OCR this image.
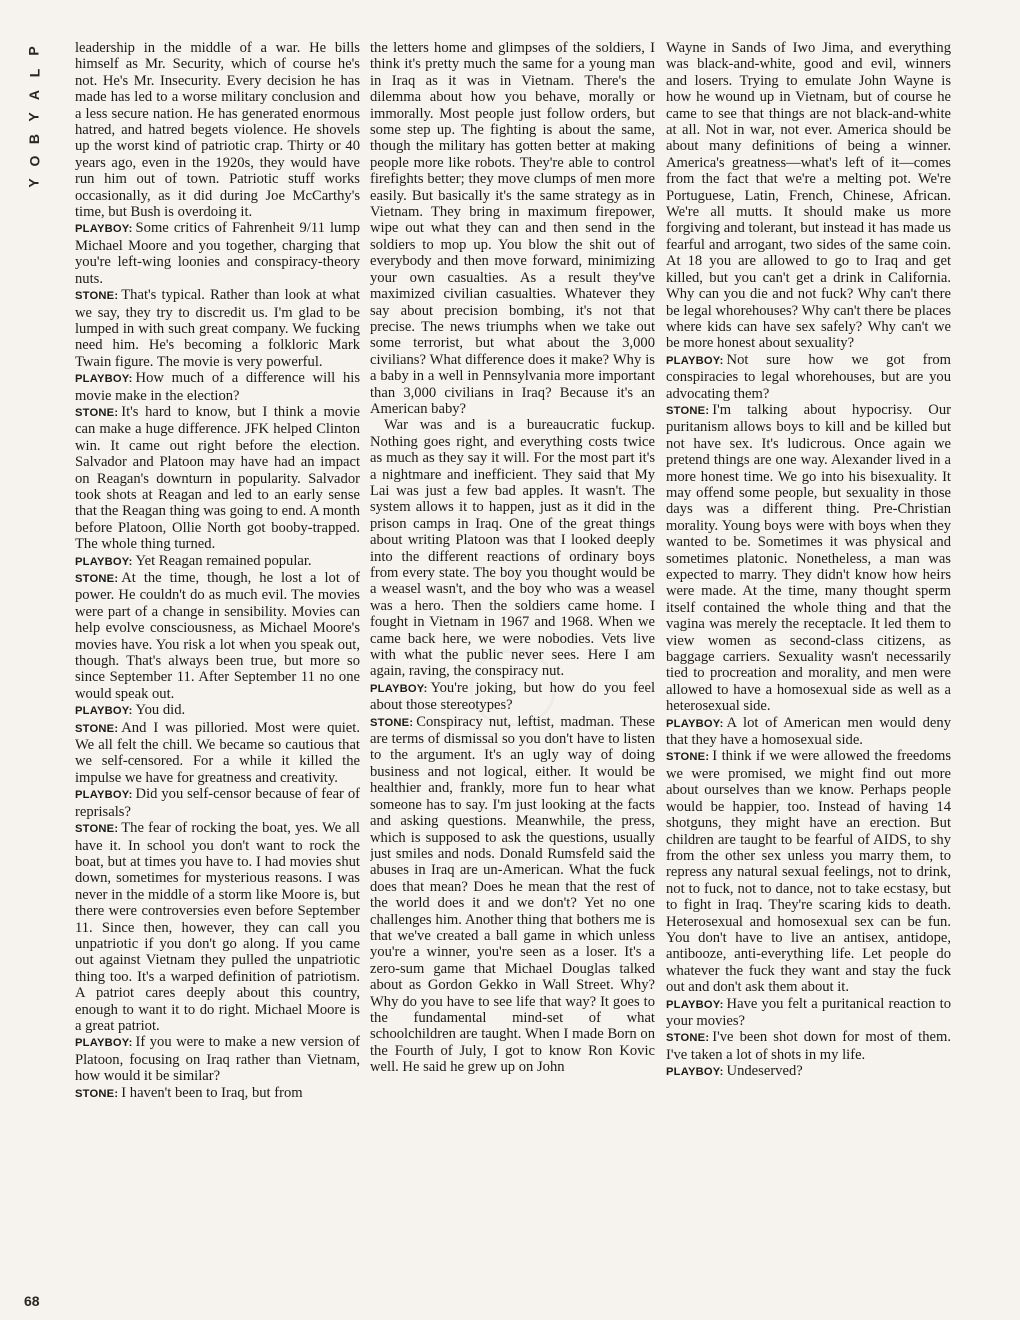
P
L
A
Y
B
O
Y

leadership in the middle of a war. He bills himself as Mr. Security, which of course he's not. He's Mr. Insecurity. Every decision he has made has led to a worse military conclusion and a less secure nation. He has generated enormous hatred, and hatred begets violence. He shovels up the worst kind of patriotic crap. Thirty or 40 years ago, even in the 1920s, they would have run him out of town. Patriotic stuff works occasionally, as it did during Joe McCarthy's time, but Bush is overdoing it.

PLAYBOY: Some critics of Fahrenheit 9/11 lump Michael Moore and you together, charging that you're left-wing loonies and conspiracy-theory nuts.

STONE: That's typical. Rather than look at what we say, they try to discredit us. I'm glad to be lumped in with such great company. We fucking need him. He's becoming a folkloric Mark Twain figure. The movie is very powerful.

PLAYBOY: How much of a difference will his movie make in the election?

STONE: It's hard to know, but I think a movie can make a huge difference. JFK helped Clinton win. It came out right before the election. Salvador and Platoon may have had an impact on Reagan's downturn in popularity. Salvador took shots at Reagan and led to an early sense that the Reagan thing was going to end. A month before Platoon, Ollie North got booby-trapped. The whole thing turned.

PLAYBOY: Yet Reagan remained popular.

STONE: At the time, though, he lost a lot of power. He couldn't do as much evil. The movies were part of a change in sensibility. Movies can help evolve consciousness, as Michael Moore's movies have. You risk a lot when you speak out, though. That's always been true, but more so since September 11. After September 11 no one would speak out.

PLAYBOY: You did.

STONE: And I was pilloried. Most were quiet. We all felt the chill. We became so cautious that we self-censored. For a while it killed the impulse we have for greatness and creativity.

PLAYBOY: Did you self-censor because of fear of reprisals?

STONE: The fear of rocking the boat, yes. We all have it. In school you don't want to rock the boat, but at times you have to. I had movies shut down, sometimes for mysterious reasons. I was never in the middle of a storm like Moore is, but there were controversies even before September 11. Since then, however, they can call you unpatriotic if you don't go along. If you came out against Vietnam they pulled the unpatriotic thing too. It's a warped definition of patriotism. A patriot cares deeply about this country, enough to want it to do right. Michael Moore is a great patriot.

PLAYBOY: If you were to make a new version of Platoon, focusing on Iraq rather than Vietnam, how would it be similar?

STONE: I haven't been to Iraq, but from

the letters home and glimpses of the soldiers, I think it's pretty much the same for a young man in Iraq as it was in Vietnam. There's the dilemma about how you behave, morally or immorally. Most people just follow orders, but some step up. The fighting is about the same, though the military has gotten better at making people more like robots. They're able to control firefights better; they move clumps of men more easily. But basically it's the same strategy as in Vietnam. They bring in maximum firepower, wipe out what they can and then send in the soldiers to mop up. You blow the shit out of everybody and then move forward, minimizing your own casualties. As a result they've maximized civilian casualties. Whatever they say about precision bombing, it's not that precise. The news triumphs when we take out some terrorist, but what about the 3,000 civilians? What difference does it make? Why is a baby in a well in Pennsylvania more important than 3,000 civilians in Iraq? Because it's an American baby?

War was and is a bureaucratic fuckup. Nothing goes right, and everything costs twice as much as they say it will. For the most part it's a nightmare and inefficient. They said that My Lai was just a few bad apples. It wasn't. The system allows it to happen, just as it did in the prison camps in Iraq. One of the great things about writing Platoon was that I looked deeply into the different reactions of ordinary boys from every state. The boy you thought would be a weasel wasn't, and the boy who was a weasel was a hero. Then the soldiers came home. I fought in Vietnam in 1967 and 1968. When we came back here, we were nobodies. Vets live with what the public never sees. Here I am again, raving, the conspiracy nut.

PLAYBOY: You're joking, but how do you feel about those stereotypes?

STONE: Conspiracy nut, leftist, madman. These are terms of dismissal so you don't have to listen to the argument. It's an ugly way of doing business and not logical, either. It would be healthier and, frankly, more fun to hear what someone has to say. I'm just looking at the facts and asking questions. Meanwhile, the press, which is supposed to ask the questions, usually just smiles and nods. Donald Rumsfeld said the abuses in Iraq are un-American. What the fuck does that mean? Does he mean that the rest of the world does it and we don't? Yet no one challenges him. Another thing that bothers me is that we've created a ball game in which unless you're a winner, you're seen as a loser. It's a zero-sum game that Michael Douglas talked about as Gordon Gekko in Wall Street. Why? Why do you have to see life that way? It goes to the fundamental mind-set of what schoolchildren are taught. When I made Born on the Fourth of July, I got to know Ron Kovic well. He said he grew up on John

Wayne in Sands of Iwo Jima, and everything was black-and-white, good and evil, winners and losers. Trying to emulate John Wayne is how he wound up in Vietnam, but of course he came to see that things are not black-and-white at all. Not in war, not ever. America should be about many definitions of being a winner. America's greatness—what's left of it—comes from the fact that we're a melting pot. We're Portuguese, Latin, French, Chinese, African. We're all mutts. It should make us more forgiving and tolerant, but instead it has made us fearful and arrogant, two sides of the same coin. At 18 you are allowed to go to Iraq and get killed, but you can't get a drink in California. Why can you die and not fuck? Why can't there be legal whorehouses? Why can't there be places where kids can have sex safely? Why can't we be more honest about sexuality?

PLAYBOY: Not sure how we got from conspiracies to legal whorehouses, but are you advocating them?

STONE: I'm talking about hypocrisy. Our puritanism allows boys to kill and be killed but not have sex. It's ludicrous. Once again we pretend things are one way. Alexander lived in a more honest time. We go into his bisexuality. It may offend some people, but sexuality in those days was a different thing. Pre-Christian morality. Young boys were with boys when they wanted to be. Sometimes it was physical and sometimes platonic. Nonetheless, a man was expected to marry. They didn't know how heirs were made. At the time, many thought sperm itself contained the whole thing and that the vagina was merely the receptacle. It led them to view women as second-class citizens, as baggage carriers. Sexuality wasn't necessarily tied to procreation and morality, and men were allowed to have a homosexual side as well as a heterosexual side.

PLAYBOY: A lot of American men would deny that they have a homosexual side.

STONE: I think if we were allowed the freedoms we were promised, we might find out more about ourselves than we know. Perhaps people would be happier, too. Instead of having 14 shotguns, they might have an erection. But children are taught to be fearful of AIDS, to shy from the other sex unless you marry them, to repress any natural sexual feelings, not to drink, not to fuck, not to dance, not to take ecstasy, but to fight in Iraq. They're scaring kids to death. Heterosexual and homosexual sex can be fun. You don't have to live an antisex, antidope, antibooze, anti-everything life. Let people do whatever the fuck they want and stay the fuck out and don't ask them about it.

PLAYBOY: Have you felt a puritanical reaction to your movies?

STONE: I've been shot down for most of them. I've taken a lot of shots in my life.

PLAYBOY: Undeserved?

68
